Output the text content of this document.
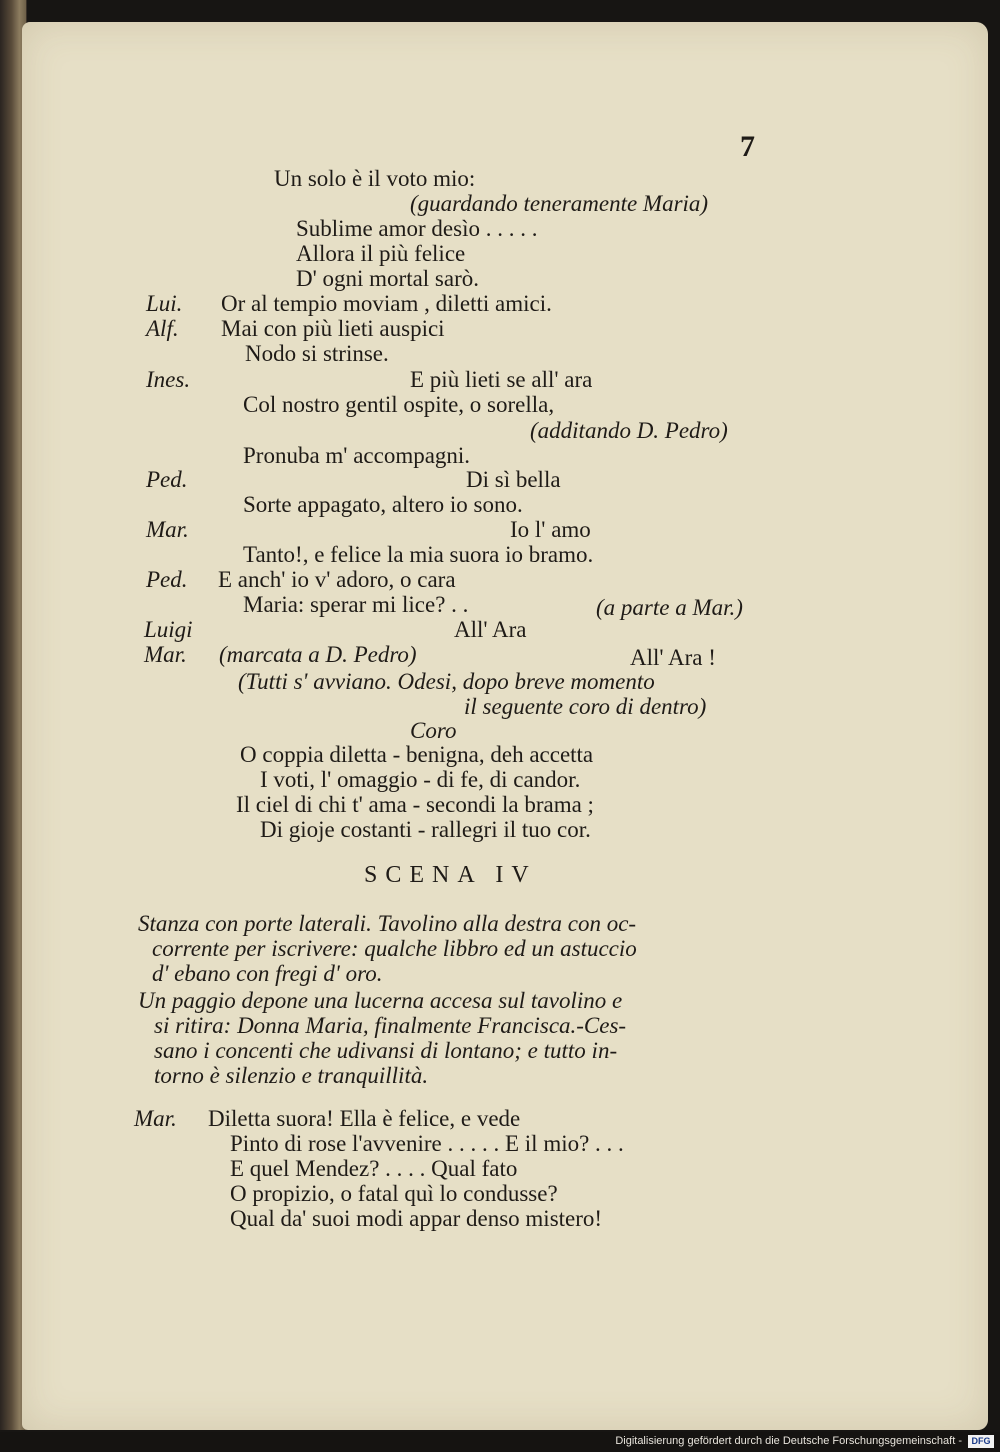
7
Un solo è il voto mio:
(guardando teneramente Maria)
Sublime amor desìo . . . . .
Allora il più felice
D' ogni mortal sarò.
Lui. Or al tempio moviam , diletti amici.
Alf. Mai con più lieti auspici
Nodo si strinse.
Ines.	E più lieti se all' ara
Col nostro gentil ospite, o sorella,
(additando D. Pedro)
Pronuba m' accompagni.
Ped.	Di sì bella
Sorte appagato, altero io sono.
Mar.	Io l' amo
Tanto!, e felice la mia suora io bramo.
Ped. E anch' io v' adoro, o cara
Maria: sperar mi lice? . .	(a parte a Mar.)
Luigi	All' Ara
Mar. (marcata a D. Pedro)	All' Ara !
(Tutti s' avviano. Odesi, dopo breve momento
il seguente coro di dentro)
Coro
O coppia diletta - benigna, deh accetta
I voti, l' omaggio - di fe, di candor.
Il ciel di chi t' ama - secondi la brama ;
Di gioje costanti - rallegri il tuo cor.
SCENA IV
Stanza con porte laterali. Tavolino alla destra con oc-
corrente per iscrivere: qualche libbro ed un astuccio
d' ebano con fregi d' oro.
Un paggio depone una lucerna accesa sul tavolino e
si ritira: Donna Maria, finalmente Francisca.-Ces-
sano i concenti che udivansi di lontano; e tutto in-
torno è silenzio e tranquillità.
Mar. Diletta suora! Ella è felice, e vede
Pinto di rose l'avvenire . . . . . E il mio? . . .
E quel Mendez? . . . . Qual fato
O propizio, o fatal quì lo condusse?
Qual da' suoi modi appar denso mistero!
Digitalisierung gefördert durch die Deutsche Forschungsgemeinschaft -	DFG
